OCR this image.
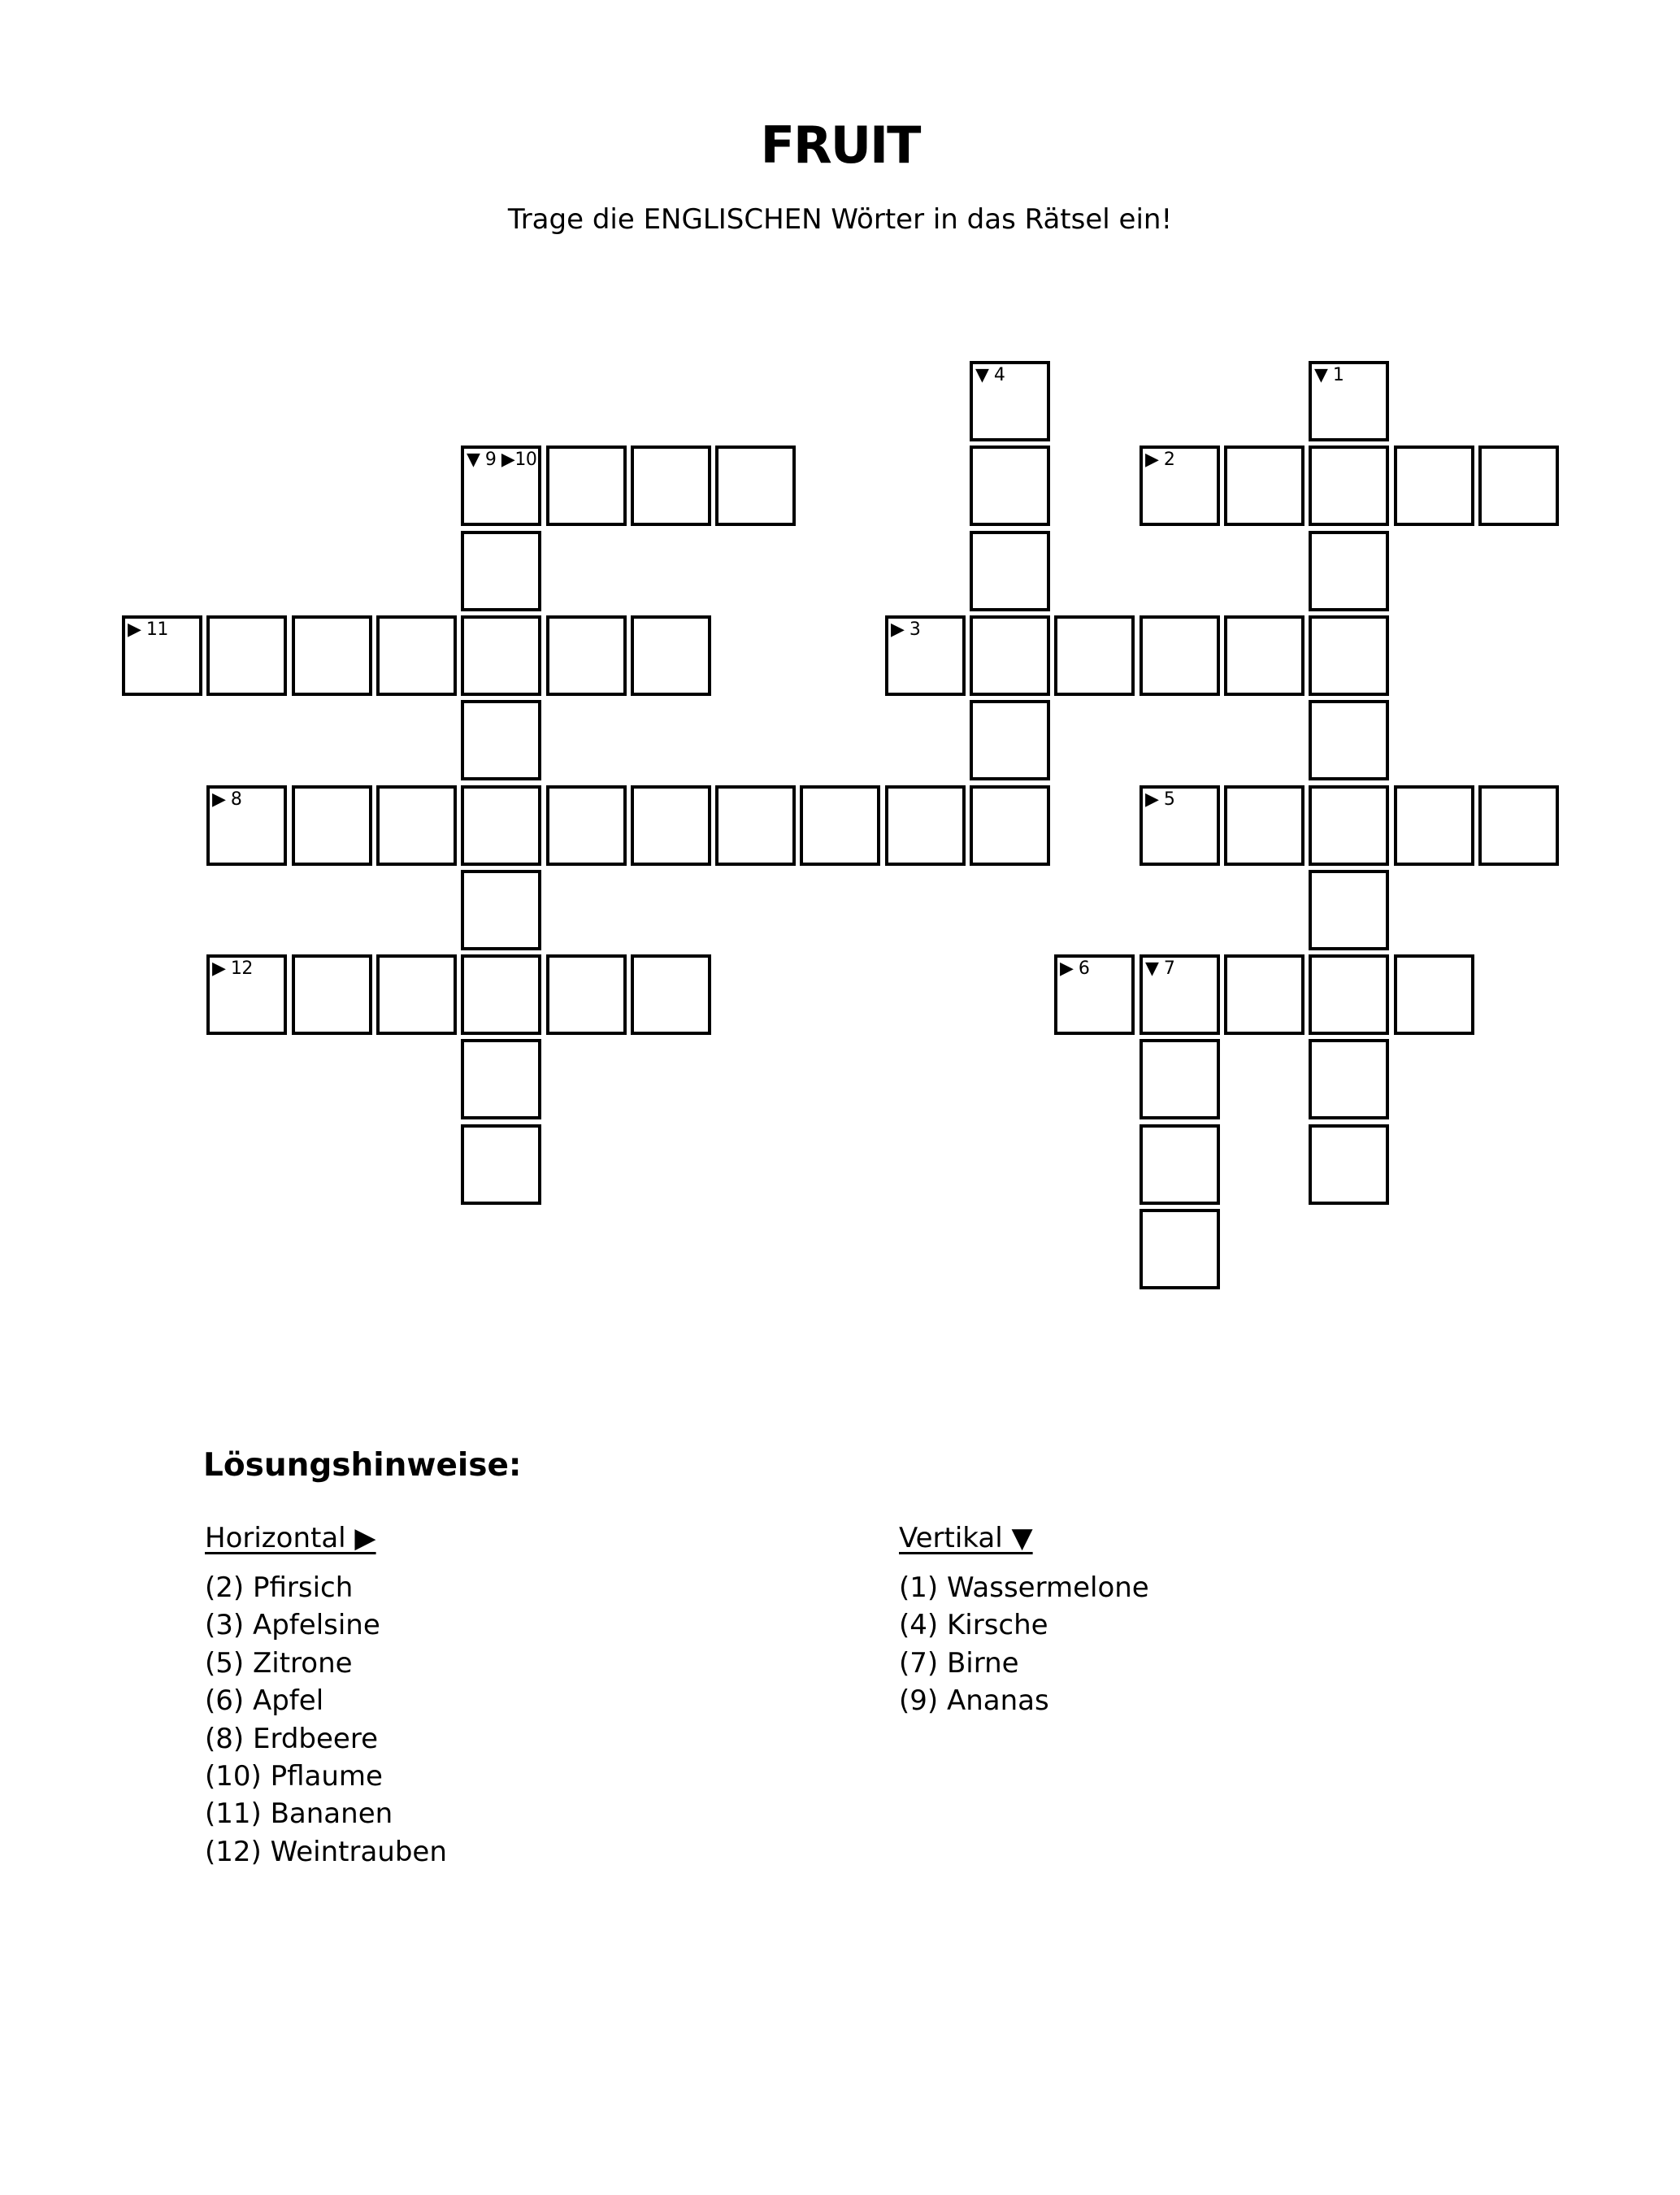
FRUIT
Trage die ENGLISCHEN Wörter in das Rätsel ein!
▼ 4	▼ 1
▼ 9 ▶10	▶ 2
▶ 11	▶ 3
▶ 8	▶ 5
▶ 12	▶ 6	▼ 7
Lösungshinweise:
Horizontal ▶
(2) Pfirsich
(3) Apfelsine
(5) Zitrone
(6) Apfel
(8) Erdbeere
(10) Pflaume
(11) Bananen
(12) Weintrauben
Vertikal ▼
(1) Wassermelone
(4) Kirsche
(7) Birne
(9) Ananas
